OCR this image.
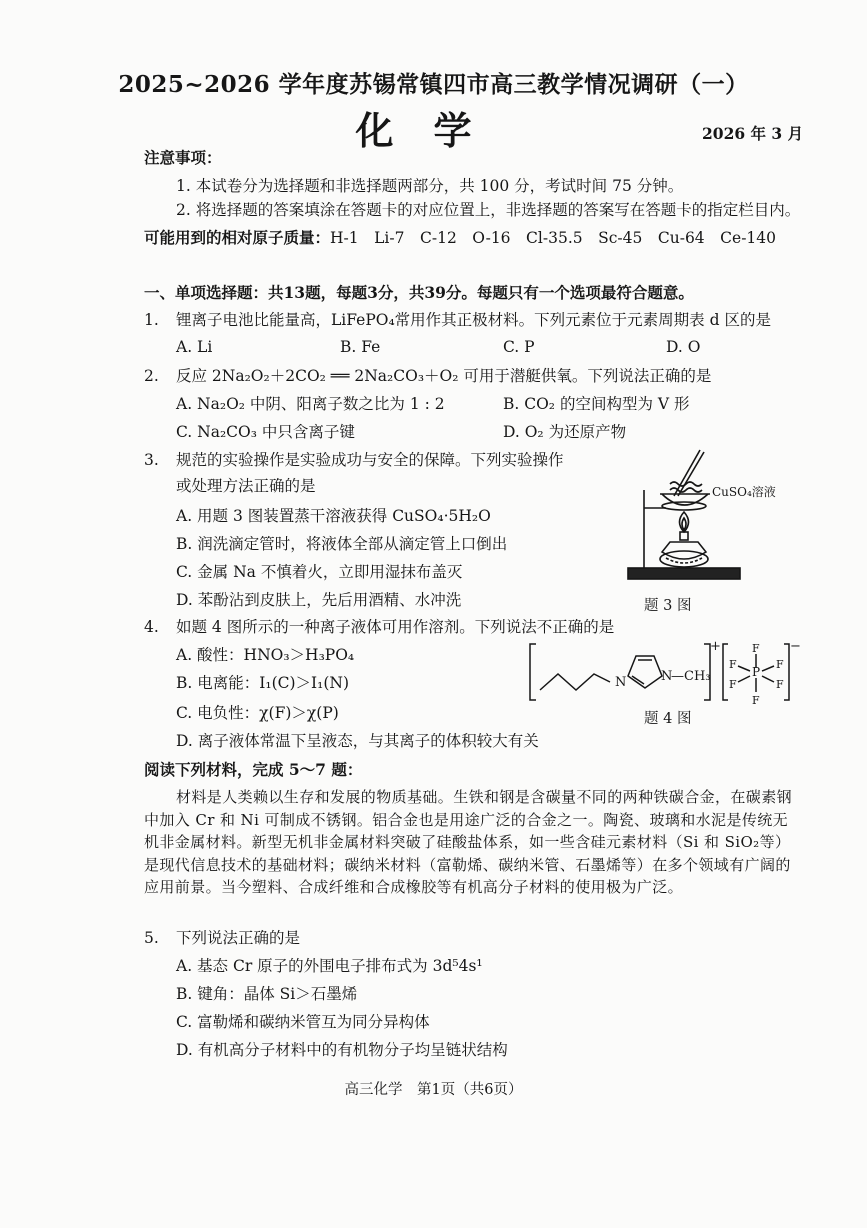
2025~2026 学年度苏锡常镇四市高三教学情况调研（一）
化学	2026 年 3 月
注意事项：
1. 本试卷分为选择题和非选择题两部分，共 100 分，考试时间 75 分钟。
2. 将选择题的答案填涂在答题卡的对应位置上，非选择题的答案写在答题卡的指定栏目内。
可能用到的相对原子质量：H-1　Li-7　C-12　O-16　Cl-35.5　Sc-45　Cu-64　Ce-140
一、单项选择题：共13题，每题3分，共39分。每题只有一个选项最符合题意。
1. 锂离子电池比能量高，LiFePO₄常用作其正极材料。下列元素位于元素周期表 d 区的是
A. Li	B. Fe	C. P	D. O
2. 反应 2Na₂O₂＋2CO₂ ══ 2Na₂CO₃＋O₂ 可用于潜艇供氧。下列说法正确的是
A. Na₂O₂ 中阴、阳离子数之比为 1 : 2	B. CO₂ 的空间构型为 V 形
C. Na₂CO₃ 中只含离子键	D. O₂ 为还原产物
3. 规范的实验操作是实验成功与安全的保障。下列实验操作
或处理方法正确的是
A. 用题 3 图装置蒸干溶液获得 CuSO₄·5H₂O
B. 润洗滴定管时，将液体全部从滴定管上口倒出
C. 金属 Na 不慎着火，立即用湿抹布盖灭
D. 苯酚沾到皮肤上，先后用酒精、水冲洗
CuSO₄溶液
题 3 图
4. 如题 4 图所示的一种离子液体可用作溶剂。下列说法不正确的是
A. 酸性：HNO₃＞H₃PO₄
B. 电离能：I₁(C)＞I₁(N)
C. 电负性：χ(F)＞χ(P)
D. 离子液体常温下呈液态，与其离子的体积较大有关
N	N
—CH₃
+	−
P
F
F
F	F
F	F
题 4 图
阅读下列材料，完成 5～7 题：
材料是人类赖以生存和发展的物质基础。生铁和钢是含碳量不同的两种铁碳合金，在碳素钢中加入 Cr 和 Ni 可制成不锈钢。铝合金也是用途广泛的合金之一。陶瓷、玻璃和水泥是传统无机非金属材料。新型无机非金属材料突破了硅酸盐体系，如一些含硅元素材料（Si 和 SiO₂等）是现代信息技术的基础材料；碳纳米材料（富勒烯、碳纳米管、石墨烯等）在多个领域有广阔的应用前景。当今塑料、合成纤维和合成橡胶等有机高分子材料的使用极为广泛。
5. 下列说法正确的是
A. 基态 Cr 原子的外围电子排布式为 3d⁵4s¹
B. 键角：晶体 Si＞石墨烯
C. 富勒烯和碳纳米管互为同分异构体
D. 有机高分子材料中的有机物分子均呈链状结构
高三化学　第1页（共6页）
